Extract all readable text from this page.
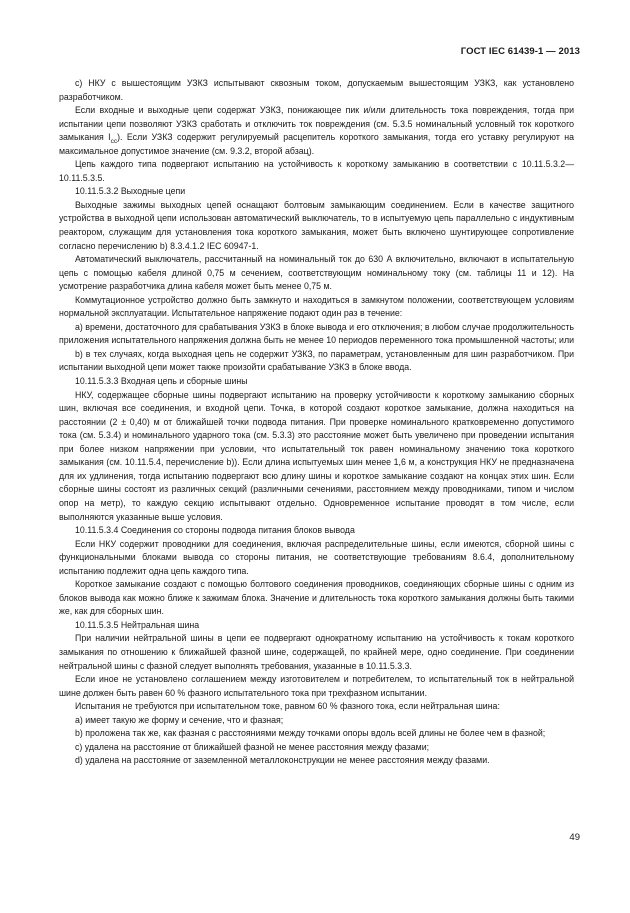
ГОСТ IEC 61439-1 — 2013

c) НКУ с вышестоящим УЗКЗ испытывают сквозным током, допускаемым вышестоящим УЗКЗ, как установлено разработчиком.

Если входные и выходные цепи содержат УЗКЗ, понижающее пик и/или длительность тока повреждения, тогда при испытании цепи позволяют УЗКЗ сработать и отключить ток повреждения (см. 5.3.5 номинальный условный ток короткого замыкания $I_{cc}$). Если УЗКЗ содержит регулируемый расцепитель короткого замыкания, тогда его уставку регулируют на максимальное допустимое значение (см. 9.3.2, второй абзац).

Цепь каждого типа подвергают испытанию на устойчивость к короткому замыканию в соответствии с 10.11.5.3.2—10.11.5.3.5.

10.11.5.3.2 Выходные цепи

Выходные зажимы выходных цепей оснащают болтовым замыкающим соединением. Если в качестве защитного устройства в выходной цепи использован автоматический выключатель, то в испытуемую цепь параллельно с индуктивным реактором, служащим для установления тока короткого замыкания, может быть включено шунтирующее сопротивление согласно перечислению b) 8.3.4.1.2 IEC 60947-1.

Автоматический выключатель, рассчитанный на номинальный ток до 630 А включительно, включают в испытательную цепь с помощью кабеля длиной 0,75 м сечением, соответствующим номинальному току (см. таблицы 11 и 12). На усмотрение разработчика длина кабеля может быть менее 0,75 м.

Коммутационное устройство должно быть замкнуто и находиться в замкнутом положении, соответствующем условиям нормальной эксплуатации. Испытательное напряжение подают один раз в течение:

a) времени, достаточного для срабатывания УЗКЗ в блоке вывода и его отключения; в любом случае продолжительность приложения испытательного напряжения должна быть не менее 10 периодов переменного тока промышленной частоты; или

b) в тех случаях, когда выходная цепь не содержит УЗКЗ, по параметрам, установленным для шин разработчиком. При испытании выходной цепи может также произойти срабатывание УЗКЗ в блоке ввода.

10.11.5.3.3 Входная цепь и сборные шины

НКУ, содержащее сборные шины подвергают испытанию на проверку устойчивости к короткому замыканию сборных шин, включая все соединения, и входной цепи. Точка, в которой создают короткое замыкание, должна находиться на расстоянии (2 ± 0,40) м от ближайшей точки подвода питания. При проверке номинального кратковременно допустимого тока (см. 5.3.4) и номинального ударного тока (см. 5.3.3) это расстояние может быть увеличено при проведении испытания при более низком напряжении при условии, что испытательный ток равен номинальному значению тока короткого замыкания (см. 10.11.5.4, перечисление b)). Если длина испытуемых шин менее 1,6 м, а конструкция НКУ не предназначена для их удлинения, тогда испытанию подвергают всю длину шины и короткое замыкание создают на концах этих шин. Если сборные шины состоят из различных секций (различными сечениями, расстоянием между проводниками, типом и числом опор на метр), то каждую секцию испытывают отдельно. Одновременное испытание проводят в том числе, если выполняются указанные выше условия.

10.11.5.3.4 Соединения со стороны подвода питания блоков вывода

Если НКУ содержит проводники для соединения, включая распределительные шины, если имеются, сборной шины с функциональными блоками вывода со стороны питания, не соответствующие требованиям 8.6.4, дополнительному испытанию подлежит одна цепь каждого типа.

Короткое замыкание создают с помощью болтового соединения проводников, соединяющих сборные шины с одним из блоков вывода как можно ближе к зажимам блока. Значение и длительность тока короткого замыкания должны быть такими же, как для сборных шин.

10.11.5.3.5 Нейтральная шина

При наличии нейтральной шины в цепи ее подвергают однократному испытанию на устойчивость к токам короткого замыкания по отношению к ближайшей фазной шине, содержащей, по крайней мере, одно соединение. При соединении нейтральной шины с фазной следует выполнять требования, указанные в 10.11.5.3.3.

Если иное не установлено соглашением между изготовителем и потребителем, то испытательный ток в нейтральной шине должен быть равен 60 % фазного испытательного тока при трехфазном испытании.

Испытания не требуются при испытательном токе, равном 60 % фазного тока, если нейтральная шина:

a) имеет такую же форму и сечение, что и фазная;

b) проложена так же, как фазная с расстояниями между точками опоры вдоль всей длины не более чем в фазной;

c) удалена на расстояние от ближайшей фазной не менее расстояния между фазами;

d) удалена на расстояние от заземленной металлоконструкции не менее расстояния между фазами.

49
